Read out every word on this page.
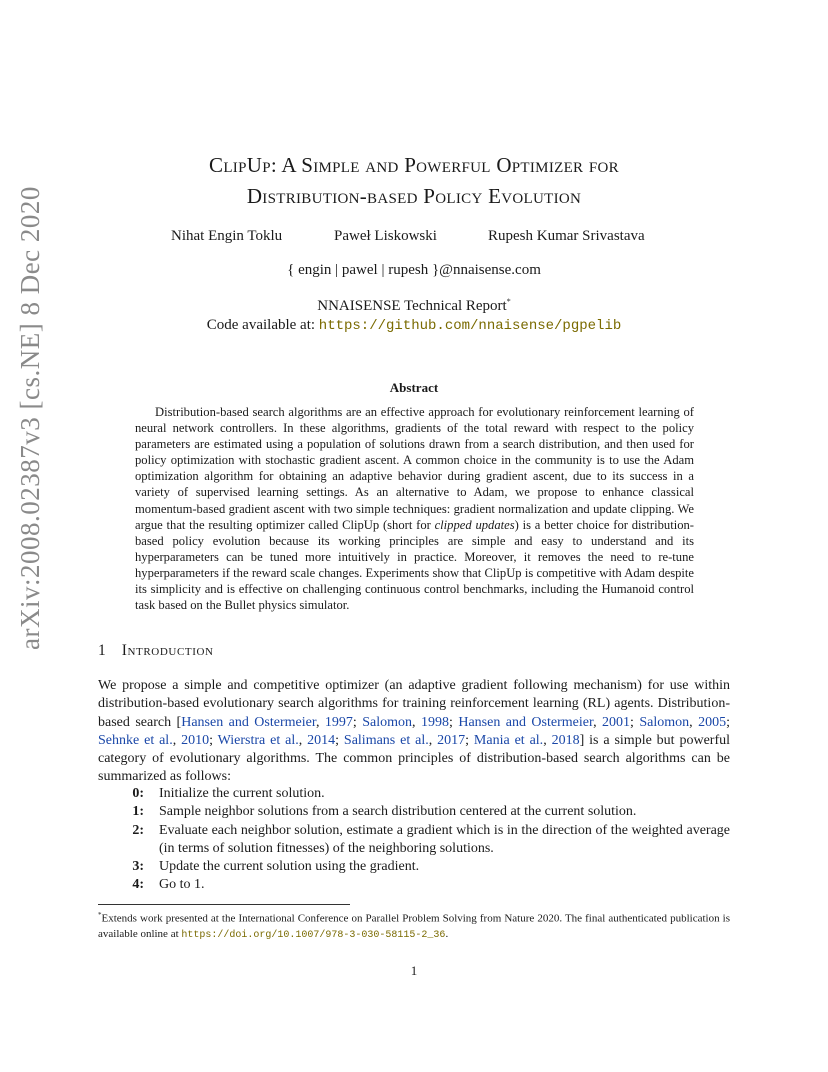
ClipUp: A Simple and Powerful Optimizer for
Distribution-based Policy Evolution
Nihat Engin Toklu	Paweł Liskowski	Rupesh Kumar Srivastava
{ engin | pawel | rupesh }@nnaisense.com
NNAISENSE Technical Report*
Code available at: https://github.com/nnaisense/pgpelib
arXiv:2008.02387v3 [cs.NE] 8 Dec 2020	Abstract
Distribution-based search algorithms are an effective approach for evolutionary reinforcement learning of neural network controllers. In these algorithms, gradients of the total reward with respect to the policy parameters are estimated using a population of solutions drawn from a search distribution, and then used for policy optimization with stochastic gradient ascent. A common choice in the community is to use the Adam optimization algorithm for obtaining an adaptive behavior during gradient ascent, due to its success in a variety of supervised learning settings. As an alternative to Adam, we propose to enhance classical momentum-based gradient ascent with two simple techniques: gradient normalization and update clipping. We argue that the resulting optimizer called ClipUp (short for clipped updates) is a better choice for distribution-based policy evolution because its working principles are simple and easy to understand and its hyperparameters can be tuned more intuitively in practice. Moreover, it removes the need to re-tune hyperparameters if the reward scale changes. Experiments show that ClipUp is competitive with Adam despite its simplicity and is effective on challenging continuous control benchmarks, including the Humanoid control task based on the Bullet physics simulator.
1 Introduction
We propose a simple and competitive optimizer (an adaptive gradient following mechanism) for use within distribution-based evolutionary search algorithms for training reinforcement learning (RL) agents. Distribution-based search [Hansen and Ostermeier, 1997; Salomon, 1998; Hansen and Ostermeier, 2001; Salomon, 2005; Sehnke et al., 2010; Wierstra et al., 2014; Salimans et al., 2017; Mania et al., 2018] is a simple but powerful category of evolutionary algorithms. The common principles of distribution-based search algorithms can be summarized as follows:
0: Initialize the current solution.
1: Sample neighbor solutions from a search distribution centered at the current solution.
2: Evaluate each neighbor solution, estimate a gradient which is in the direction of the weighted average (in terms of solution fitnesses) of the neighboring solutions.
3: Update the current solution using the gradient.
4: Go to 1.
*Extends work presented at the International Conference on Parallel Problem Solving from Nature 2020. The final authenticated publication is available online at https://doi.org/10.1007/978-3-030-58115-2_36.
1
